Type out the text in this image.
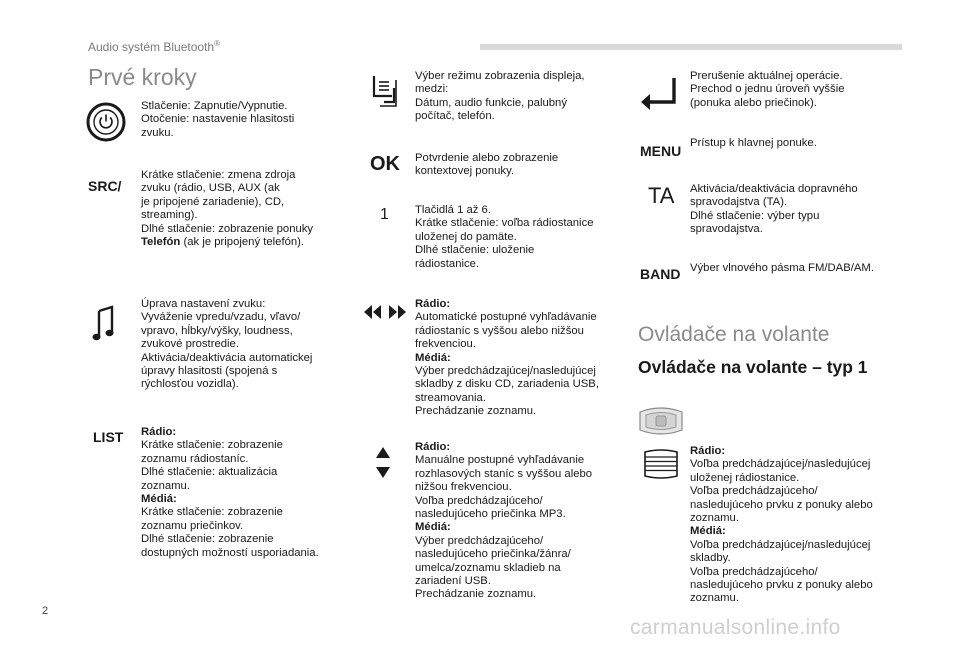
Audio systém Bluetooth®
Prvé kroky
Stlačenie: Zapnutie/Vypnutie.
Otočenie: nastavenie hlasitosti
zvuku.
SRC/
Krátke stlačenie: zmena zdroja
zvuku (rádio, USB, AUX (ak
je pripojené zariadenie), CD,
streaming).
Dlhé stlačenie: zobrazenie ponuky
Telefón (ak je pripojený telefón).
Úprava nastavení zvuku:
Vyváženie vpredu/vzadu, vľavo/
vpravo, hĺbky/výšky, loudness,
zvukové prostredie.
Aktivácia/deaktivácia automatickej
úpravy hlasitosti (spojená s
rýchlosťou vozidla).
LIST Rádio:
Krátke stlačenie: zobrazenie
zoznamu rádiostaníc.
Dlhé stlačenie: aktualizácia
zoznamu.
Médiá:
Krátke stlačenie: zobrazenie
zoznamu priečinkov.
Dlhé stlačenie: zobrazenie
dostupných možností usporiadania.
Výber režimu zobrazenia displeja,
medzi:
Dátum, audio funkcie, palubný
počítač, telefón.
OK Potvrdenie alebo zobrazenie
kontextovej ponuky.
1 Tlačidlá 1 až 6.
Krátke stlačenie: voľba rádiostanice
uloženej do pamäte.
Dlhé stlačenie: uloženie
rádiostanice.
Rádio:
Automatické postupné vyhľadávanie
rádiostaníc s vyššou alebo nižšou
frekvenciou.
Médiá:
Výber predchádzajúcej/nasledujúcej
skladby z disku CD, zariadenia USB,
streamovania.
Prechádzanie zoznamu.
Rádio:
Manuálne postupné vyhľadávanie
rozhlasových staníc s vyššou alebo
nižšou frekvenciou.
Voľba predchádzajúceho/
nasledujúceho priečinka MP3.
Médiá:
Výber predchádzajúceho/
nasledujúceho priečinka/žánra/
umelca/zoznamu skladieb na
zariadení USB.
Prechádzanie zoznamu.
Prerušenie aktuálnej operácie.
Prechod o jednu úroveň vyššie
(ponuka alebo priečinok).
MENU Prístup k hlavnej ponuke.
TA Aktivácia/deaktivácia dopravného
spravodajstva (TA).
Dlhé stlačenie: výber typu
spravodajstva.
BAND Výber vlnového pásma FM/DAB/AM.
Ovládače na volante
Ovládače na volante – typ 1
Rádio:
Voľba predchádzajúcej/nasledujúcej
uloženej rádiostanice.
Voľba predchádzajúceho/
nasledujúceho prvku z ponuky alebo
zoznamu.
Médiá:
Voľba predchádzajúcej/nasledujúcej
skladby.
Voľba predchádzajúceho/
nasledujúceho prvku z ponuky alebo
zoznamu.
2
carmanualsonline.info
